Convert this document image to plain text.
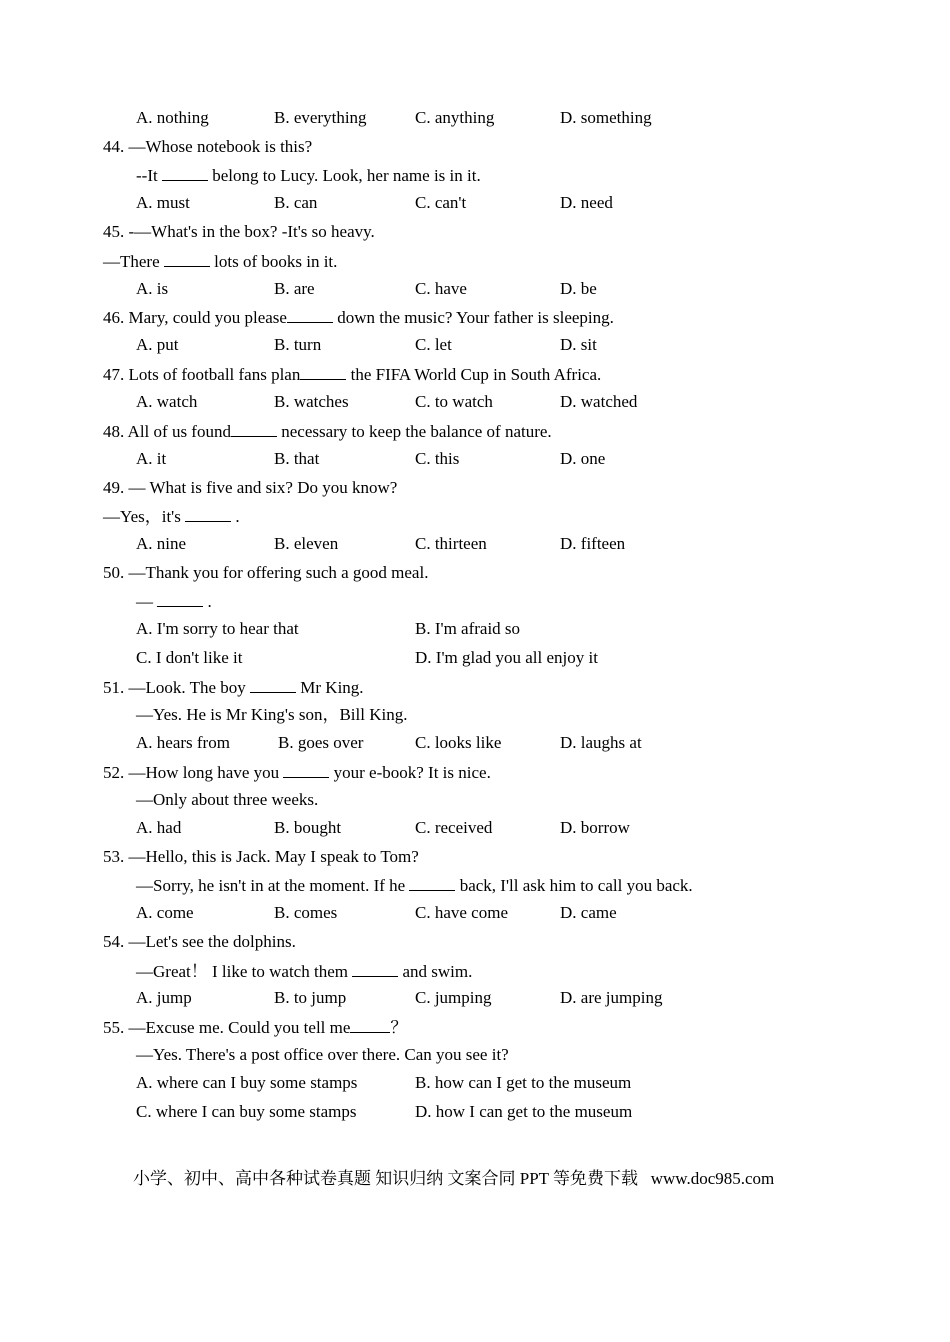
A. nothing	B. everything	C. anything	D. something
44. —Whose notebook is this?
--It	belong to Lucy. Look, her name is in it.
A. must	B. can	C. can't	D. need
45. -—What's in the box? -It's so heavy.
—There	lots of books in it.
A. is	B. are	C. have	D. be
46. Mary, could you please	down the music? Your father is sleeping.
A. put	B. turn	C. let	D. sit
47. Lots of football fans plan	the FIFA World Cup in South Africa.
A. watch	B. watches	C. to watch	D. watched
48. All of us found	necessary to keep the balance of nature.
A. it	B. that	C. this	D. one
49. — What is five and six? Do you know?
—Yes，it's	.
A. nine	B. eleven	C. thirteen	D. fifteen
50. —Thank you for offering such a good meal.
—	.
A. I'm sorry to hear that	B. I'm afraid so
C. I don't like it	D. I'm glad you all enjoy it
51. —Look. The boy	Mr King.
—Yes. He is Mr King's son，Bill King.
A. hears from	B. goes over	C. looks like	D. laughs at
52. —How long have you	your e-book? It is nice.
—Only about three weeks.
A. had	B. bought	C. received	D. borrow
53. —Hello, this is Jack. May I speak to Tom?
—Sorry, he isn't in at the moment. If he	back, I'll ask him to call you back.
A. come	B. comes	C. have come	D. came
54. —Let's see the dolphins.
—Great！ I like to watch them	and swim.
A. jump	B. to jump	C. jumping	D. are jumping
55. —Excuse me. Could you tell me ？
—Yes. There's a post office over there. Can you see it?
A. where can I buy some stamps	B. how can I get to the museum
C. where I can buy some stamps	D. how I can get to the museum
小学、初中、高中各种试卷真题 知识归纳 文案合同 PPT 等免费下载   www.doc985.com
